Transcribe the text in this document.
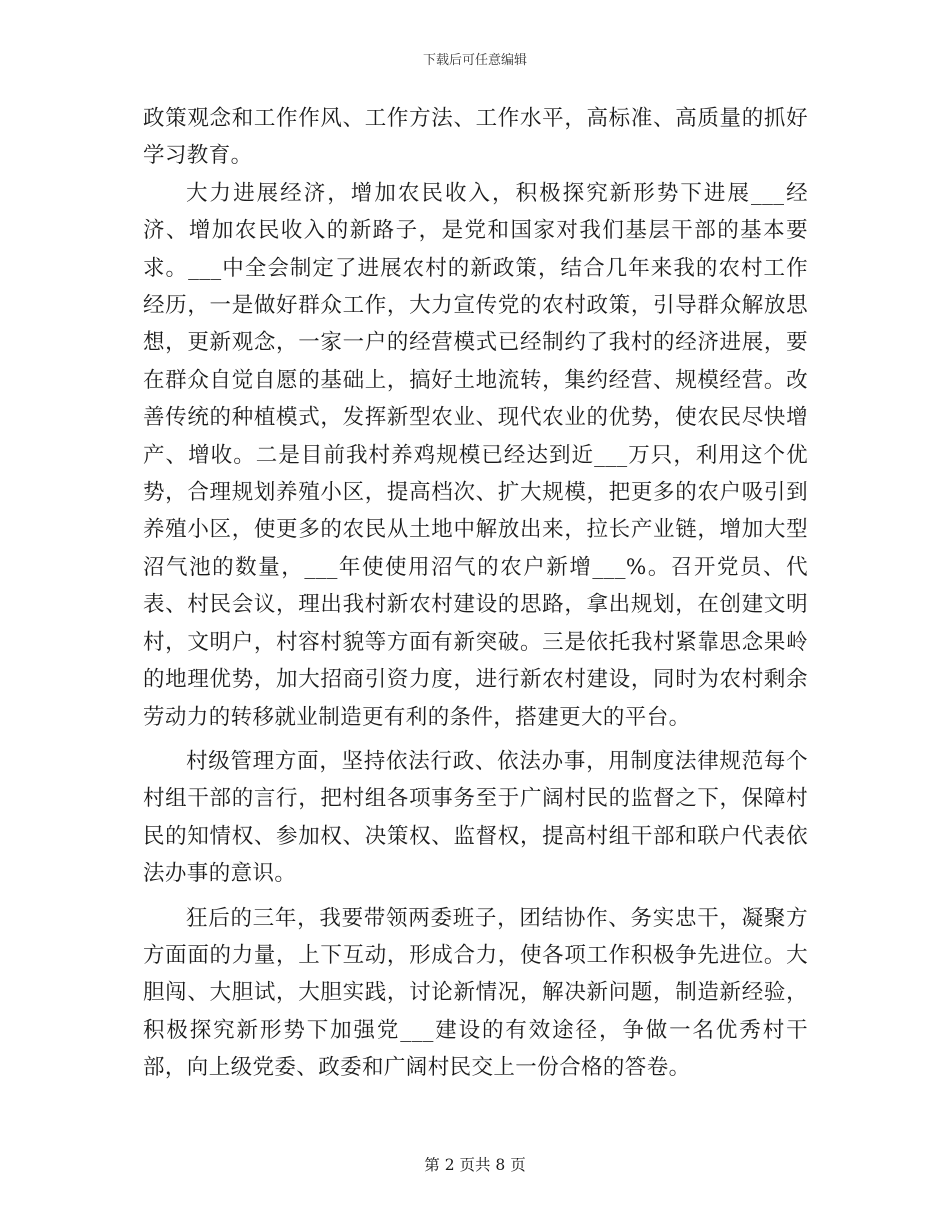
下载后可任意编辑

政策观念和工作作风、工作方法、工作水平，高标准、高质量的抓好学习教育。

大力进展经济，增加农民收入，积极探究新形势下进展___经济、增加农民收入的新路子，是党和国家对我们基层干部的基本要求。___中全会制定了进展农村的新政策，结合几年来我的农村工作经历，一是做好群众工作，大力宣传党的农村政策，引导群众解放思想，更新观念，一家一户的经营模式已经制约了我村的经济进展，要在群众自觉自愿的基础上，搞好土地流转，集约经营、规模经营。改善传统的种植模式，发挥新型农业、现代农业的优势，使农民尽快增产、增收。二是目前我村养鸡规模已经达到近___万只，利用这个优势，合理规划养殖小区，提高档次、扩大规模，把更多的农户吸引到养殖小区，使更多的农民从土地中解放出来，拉长产业链，增加大型沼气池的数量，___年使使用沼气的农户新增___%。召开党员、代表、村民会议，理出我村新农村建设的思路，拿出规划，在创建文明村，文明户，村容村貌等方面有新突破。三是依托我村紧靠思念果岭的地理优势，加大招商引资力度，进行新农村建设，同时为农村剩余劳动力的转移就业制造更有利的条件，搭建更大的平台。

村级管理方面，坚持依法行政、依法办事，用制度法律规范每个村组干部的言行，把村组各项事务至于广阔村民的监督之下，保障村民的知情权、参加权、决策权、监督权，提高村组干部和联户代表依法办事的意识。

狂后的三年，我要带领两委班子，团结协作、务实忠干，凝聚方方面面的力量，上下互动，形成合力，使各项工作积极争先进位。大胆闯、大胆试，大胆实践，讨论新情况，解决新问题，制造新经验，积极探究新形势下加强党___建设的有效途径，争做一名优秀村干部，向上级党委、政委和广阔村民交上一份合格的答卷。

第 2 页共 8 页
